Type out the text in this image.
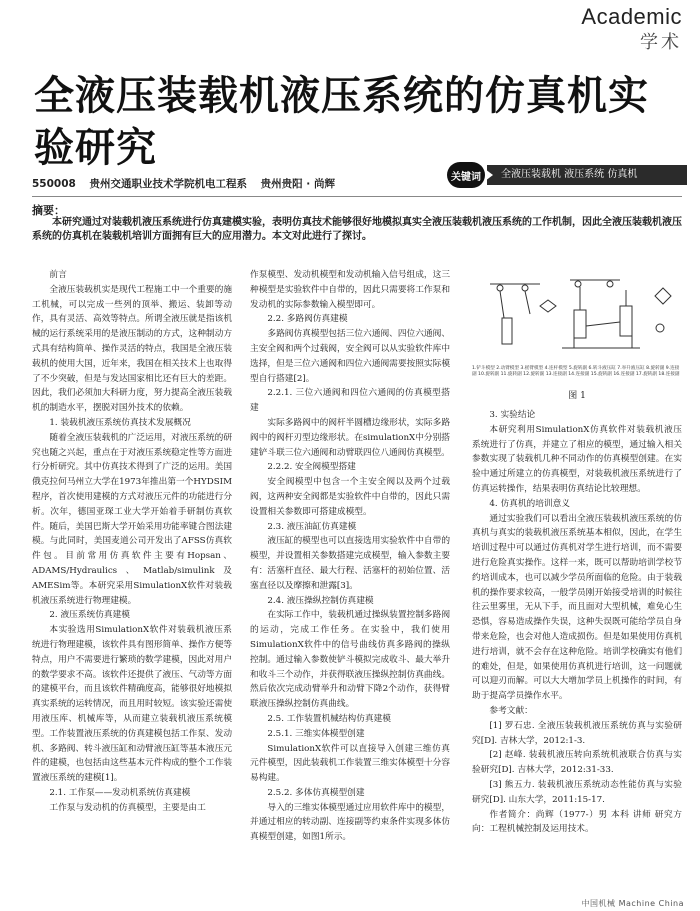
Academic
学术
全液压装载机液压系统的仿真机实验研究
550008 贵州交通职业技术学院机电工程系 贵州贵阳 · 尚辉
全液压装载机 液压系统 仿真机
关键词
摘要：
本研究通过对装载机液压系统进行仿真建模实验，表明仿真技术能够很好地模拟真实全液压装载机液压系统的工作机制，因此全液压装载机液压系统的仿真机在装载机培训方面拥有巨大的应用潜力。本文对此进行了探讨。

前言

全液压装载机实是现代工程施工中一个重要的施工机械，可以完成一些列的顶举、搬运、装卸等动作，具有灵活、高效等特点。所谓全液压就是指该机械的运行系统采用的是液压制动的方式，这种制动方式具有结构简单、操作灵活的特点，我国是全液压装载机的使用大国，近年来，我国在相关技术上也取得了不少突破，但是与发达国家相比还有巨大的差距。因此，我们必须加大科研力度，努力提高全液压装载机的制造水平，摆脱对国外技术的依赖。

1. 装载机液压系统仿真技术发展概况

随着全液压装载机的广泛运用，对液压系统的研究也随之兴起，重点在于对液压系统稳定性等方面进行分析研究。其中仿真技术得到了广泛的运用。美国俄克拉何马州立大学在1973年推出第一个HYDSIM程序，首次使用建模的方式对液压元件的功能进行分析。次年，德国亚琛工业大学开始着手研制仿真软件。随后，美国巴斯大学开始采用功能率键合图法建模。与此同时，美国麦道公司开发出了AFSS仿真软件包。目前常用仿真软件主要有Hopsan、ADAMS/Hydraulics、Matlab/simulink及AMESim等。本研究采用SimulationX软件对装载机液压系统进行物理建模。

2. 液压系统仿真建模

本实验选用SimulationX软件对装载机液压系统进行物理建模，该软件具有图形简单、操作方便等特点，用户不需要进行繁琐的数学建模，因此对用户的数学要求不高。该软件还提供了液压、气动等方面的建模平台，而且该软件精确度高，能够很好地模拟真实系统的运转情况，而且用时较短。该实验还需使用液压库、机械库等，从而建立装载机液压系统模型。工作装置液压系统的仿真建模包括工作泵、发动机、多路阀、转斗液压缸和动臂液压缸等基本液压元件的建模，也包括由这些基本元件构成的整个工作装置液压系统的建模[1]。

2.1. 工作泵——发动机系统仿真建模

工作泵与发动机的仿真模型，主要是由工

作泵模型、发动机模型和发动机输入信号组成，这三种模型是实验软件中自带的，因此只需要将工作泵和发动机的实际参数输入模型即可。

2.2. 多路阀仿真建模

多路阀仿真模型包括三位六通阀、四位六通阀、主安全阀和两个过载阀，安全阀可以从实验软件库中选择，但是三位六通阀和四位六通阀需要按照实际模型自行搭建[2]。

2.2.1. 三位六通阀和四位六通阀的仿真模型搭建

实际多路阀中的阀杆半圆槽边缘形状，实际多路阀中的阀杆刃型边缘形状。在simulationX中分别搭建铲斗联三位六通阀和动臂联四位八通阀仿真模型。

2.2.2. 安全阀模型搭建

安全阀模型中包含一个主安全阀以及两个过载阀，这两种安全阀都是实验软件中自带的，因此只需设置相关参数即可搭建成模型。

2.3. 液压油缸仿真建模

液压缸的模型也可以直接选用实验软件中自带的模型，并设置相关参数搭建完成模型，输入参数主要有：活塞杆直径、最大行程、活塞杆的初始位置、活塞直径以及摩擦和泄露[3]。

2.4. 液压操纵控制仿真建模

在实际工作中，装载机通过操纵装置控制多路阀的运动，完成工作任务。在实验中，我们使用SimulationX软件中的信号曲线仿真多路阀的操纵控制。通过输入参数使铲斗模拟完成收斗、最大举升和收斗三个动作，并获得联液压操纵控制仿真曲线。然后依次完成动臂举升和动臂下降2个动作，获得臂联液压操纵控制仿真曲线。

2.5. 工作装置机械结构仿真建模

2.5.1. 三维实体模型创建

SimulationX软件可以直接导入创建三维仿真元件模型，因此装载机工作装置三维实体模型十分容易构建。

2.5.2. 多体仿真模型创建

导入的三维实体模型通过应用软件库中的模型，并通过相应的转动副、连接副等约束条件实现多体仿真模型创建，如图1所示。

1.铲斗模型 2.动臂模型 3.摇臂模型 4.连杆模型 5.旋转副 6.转斗液压缸 7.举升液压缸 8.旋转副 9.连接副 10.旋转副 11.旋转副 12.旋转副 13.连接副 14.连接副 15.旋转副 16.连接副 17.旋转副 18.连接副
图 1

3. 实验结论

本研究利用SimulationX仿真软件对装载机液压系统进行了仿真，并建立了相应的模型，通过输入相关参数实现了装载机几种不同动作的仿真模型创建。在实验中通过所建立的仿真模型，对装载机液压系统进行了仿真运转操作，结果表明仿真结论比较理想。

4. 仿真机的培训意义

通过实验我们可以看出全液压装载机液压系统的仿真机与真实的装载机液压系统基本相似，因此，在学生培训过程中可以通过仿真机对学生进行培训，而不需要进行危险真实操作。这样一来，既可以帮助培训学校节约培训成本，也可以减少学员所面临的危险。由于装载机的操作要求较高，一般学员刚开始接受培训的时候往往云里雾里，无从下手，而且面对大型机械，难免心生恐惧，容易造成操作失误，这种失误既可能给学员自身带来危险，也会对他人造成损伤。但是如果使用仿真机进行培训，就不会存在这种危险。培训学校确实有他们的难处，但是，如果使用仿真机进行培训，这一问题就可以迎刃而解。可以大大增加学员上机操作的时间，有助于提高学员操作水平。

参考文献：

[1] 罗石忠. 全液压装载机液压系统仿真与实验研究[D]. 吉林大学，2012:1-3.

[2] 赵峰. 装载机液压转向系统机液联合仿真与实验研究[D]. 吉林大学，2012:31-33.

[3] 熊五力. 装载机液压系统动态性能仿真与实验研究[D]. 山东大学，2011:15-17.

作者简介：尚辉（1977-）男 本科 讲师 研究方向：工程机械控制及运用技术。

中国机械 Machine China
